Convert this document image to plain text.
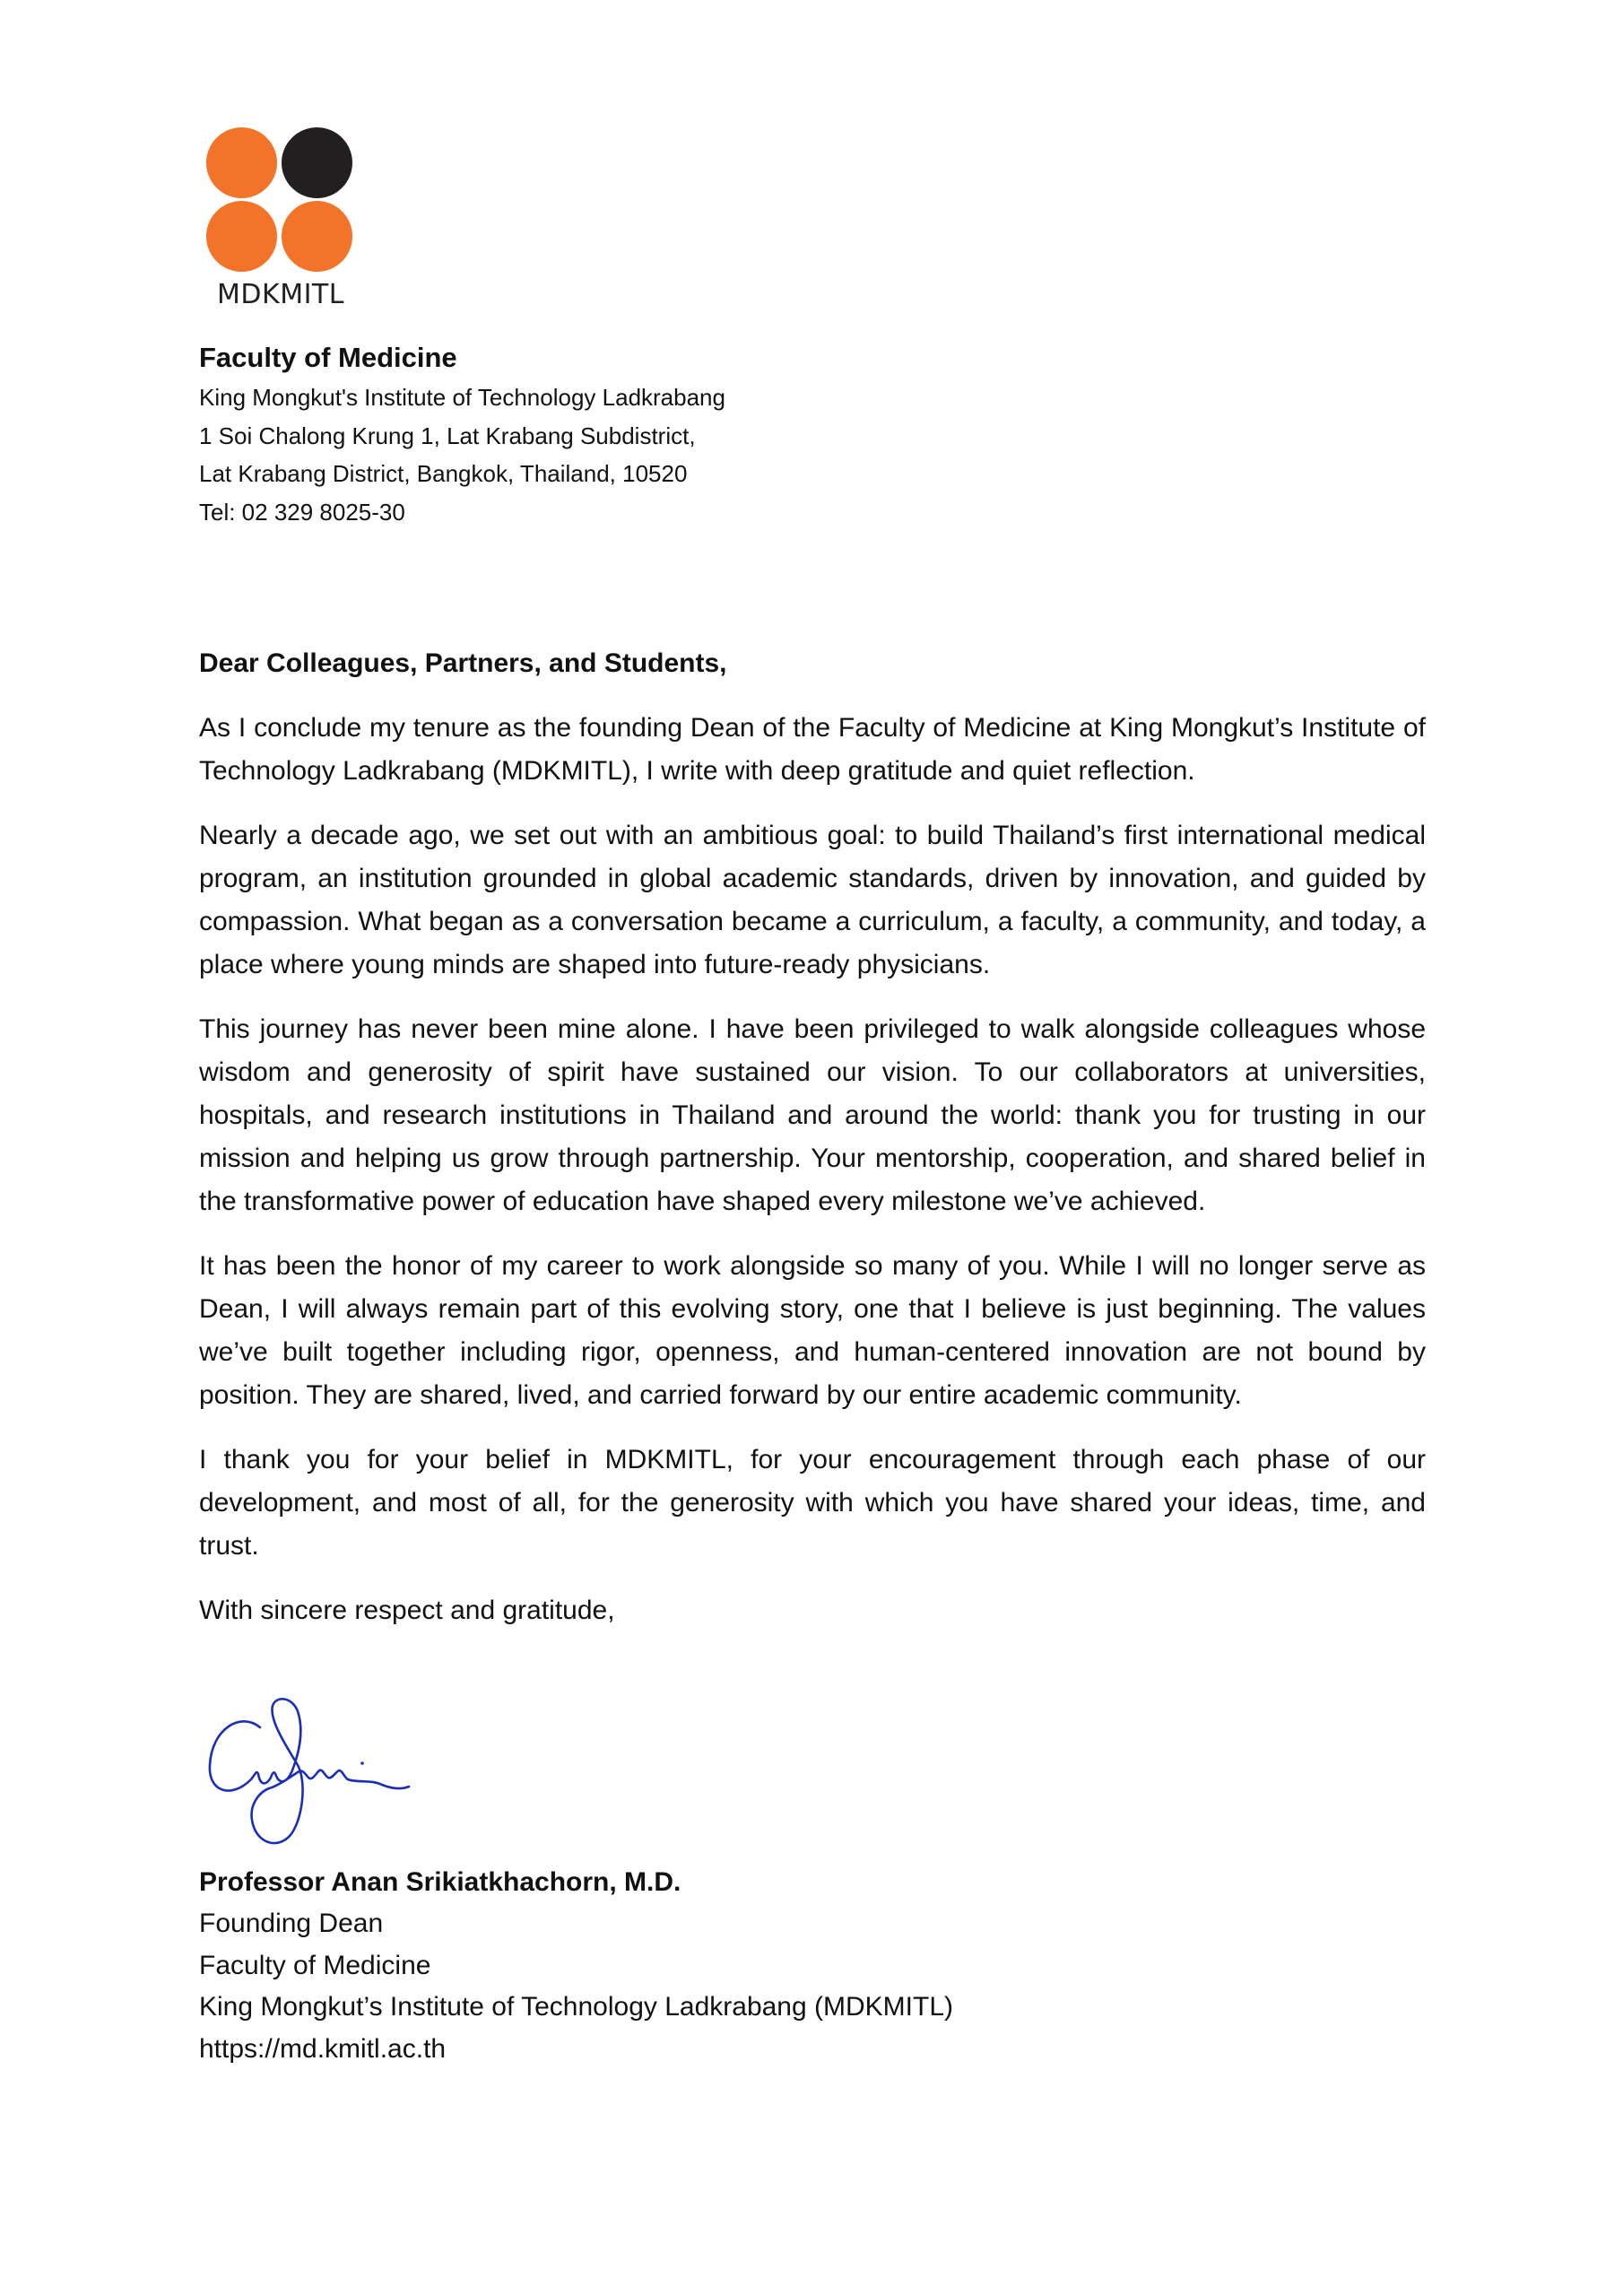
MDKMITL
Faculty of Medicine
King Mongkut's Institute of Technology Ladkrabang
1 Soi Chalong Krung 1, Lat Krabang Subdistrict,
Lat Krabang District, Bangkok, Thailand, 10520
Tel: 02 329 8025-30

Dear Colleagues, Partners, and Students,

As I conclude my tenure as the founding Dean of the Faculty of Medicine at King Mongkut’s Institute of Technology Ladkrabang (MDKMITL), I write with deep gratitude and quiet reflection.

Nearly a decade ago, we set out with an ambitious goal: to build Thailand’s first international medical program, an institution grounded in global academic standards, driven by innovation, and guided by compassion. What began as a conversation became a curriculum, a faculty, a community, and today, a place where young minds are shaped into future-ready physicians.

This journey has never been mine alone. I have been privileged to walk alongside colleagues whose wisdom and generosity of spirit have sustained our vision. To our collaborators at universities, hospitals, and research institutions in Thailand and around the world: thank you for trusting in our mission and helping us grow through partnership. Your mentorship, cooperation, and shared belief in the transformative power of education have shaped every milestone we’ve achieved.

It has been the honor of my career to work alongside so many of you. While I will no longer serve as Dean, I will always remain part of this evolving story, one that I believe is just beginning. The values we’ve built together including rigor, openness, and human-centered innovation are not bound by position. They are shared, lived, and carried forward by our entire academic community.

I thank you for your belief in MDKMITL, for your encouragement through each phase of our development, and most of all, for the generosity with which you have shared your ideas, time, and trust.

With sincere respect and gratitude,

Professor Anan Srikiatkhachorn, M.D.
Founding Dean
Faculty of Medicine
King Mongkut’s Institute of Technology Ladkrabang (MDKMITL)
https://md.kmitl.ac.th
